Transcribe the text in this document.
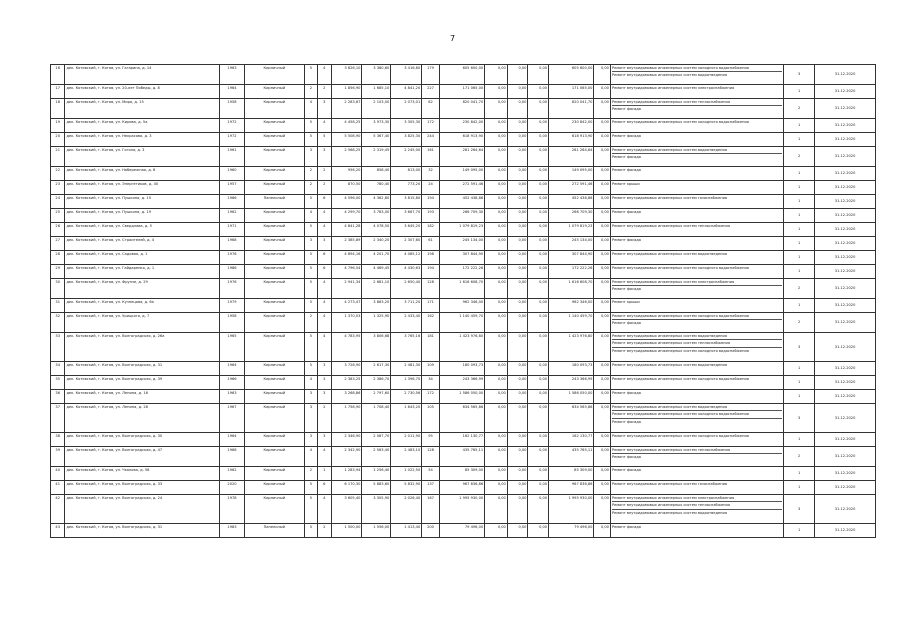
7
16	дек. Котовский, г. Котов, ул. Гагарина, д. 14	1963	Кирпичный	5	4	3 826,10	3 380,60	3 416,80	179	605 600,00	0,00	0,00	0,00	605 600,00	0,00	Ремонт внутридомовых инженерных систем холодного водоснабжения
Ремонт внутридомовых инженерных систем водоотведения	3	31.12.2020
17	дек. Котовский, г. Котов, ул. 20-лет Победы, д. 8	1964	Кирпичный	2	2	1 856,90	1 685,10	4 841,20	227	171 065,00	0,00	0,00	0,00	171 065,00	0,00	Ремонт внутридомовых инженерных систем электроснабжения	1	31.12.2020
18	дек. Котовский, г. Котов, ул. Мира, д. 15	1958	Кирпичный	4	3	2 283,67	2 103,00	2 073,01	82	820 041,70	0,00	0,00	0,00	820 041,70	0,00	Ремонт внутридомовых инженерных систем теплоснабжения
Ремонт фасада	2	31.12.2020
19	дек. Котовский, г. Котов, ул. Кирова, д. 5а	1972	Кирпичный	5	4	4 458,25	3 973,30	3 305,30	172	230 842,00	0,00	0,00	0,00	230 842,00	0,00	Ремонт внутридомовых инженерных систем холодного водоснабжения	1	31.12.2020
20	дек. Котовский, г. Котов, ул. Некрасова, д. 3	1972	Кирпичный	5	5	5 508,90	5 367,40	3 825,30	244	618 913,90	0,00	0,00	0,00	618 913,90	0,00	Ремонт фасада	1	31.12.2020
21	дек. Котовский, г. Котов, ул. Гоголя, д. 3	1961	Кирпичный	3	3	2 568,25	2 319,45	2 245,00	161	281 264,64	0,00	0,00	0,00	281 264,64	0,00	Ремонт внутридомовых инженерных систем водоотведения
Ремонт фасада	2	31.12.2020
22	дек. Котовский, г. Котов, ул. Набережная, д. 8	1960	Кирпичный	2	2	956,20	858,40	813,00	32	149 095,00	0,00	0,00	0,00	149 095,00	0,00	Ремонт фасада	1	31.12.2020
23	дек. Котовский, г. Котов, ул. Энергетиков, д. 40	1957	Кирпичный	2	2	870,50	780,40	773,20	24	272 591,46	0,00	0,00	0,00	272 591,46	0,00	Ремонт крыши	1	31.12.2020
24	дек. Котовский, г. Котов, ул. Пушкина, д. 15	1966	Панельный	5	6	4 596,00	4 362,80	3 815,80	194	452 438,86	0,00	0,00	0,00	452 438,86	0,00	Ремонт внутридомовых инженерных систем газоснабжения	1	31.12.2020
25	дек. Котовский, г. Котов, ул. Пушкина, д. 19	1962	Кирпичный	4	4	4 299,70	3 783,00	3 667,70	193	266 709,30	0,00	0,00	0,00	266 709,30	0,00	Ремонт фасада	1	31.12.2020
26	дек. Котовский, г. Котов, ул. Свердлова, д. 5	1971	Кирпичный	5	4	4 841,28	4 078,50	3 645,20	182	1 079 819,23	0,00	0,00	0,00	1 079 819,23	0,00	Ремонт внутридомовых инженерных систем теплоснабжения	1	31.12.2020
27	дек. Котовский, г. Котов, ул. Строителей, д. 4	1968	Кирпичный	3	3	2 385,89	2 340,20	2 307,60	61	245 134,00	0,00	0,00	0,00	245 134,00	0,00	Ремонт фасада	1	31.12.2020
28	дек. Котовский, г. Котов, ул. Садовая, д. 1	1976	Кирпичный	5	6	4 894,16	4 201,70	4 085,12	198	307 844,90	0,00	0,00	0,00	307 844,90	0,00	Ремонт внутридомовых инженерных систем водоотведения	1	31.12.2020
29	дек. Котовский, г. Котов, ул. Гайдаренко, д. 1	1986	Кирпичный	5	6	4 796,54	4 469,45	4 430,63	194	172 222,26	0,00	0,00	0,00	172 222,26	0,00	Ремонт внутридомовых инженерных систем холодного водоснабжения	1	31.12.2020
30	дек. Котовский, г. Котов, ул. Фрунзе, д. 29	1976	Кирпичный	5	4	2 941,34	2 681,10	2 650,40	128	1 616 608,70	0,00	0,00	0,00	1 616 608,70	0,00	Ремонт внутридомовых инженерных систем электроснабжения
Ремонт фасада	2	31.12.2020
31	дек. Котовский, г. Котов, ул. Кузнецова, д. 6а	1979	Кирпичный	5	4	4 273,47	3 863,20	3 711,20	171	962 346,00	0,00	0,00	0,00	962 346,00	0,00	Ремонт крыши	1	31.12.2020
32	дек. Котовский, г. Котов, ул. Урицкого, д. 7	1958	Кирпичный	2	4	1 370,03	1 325,90	2 433,40	162	1 140 459,70	0,00	0,00	0,00	1 140 459,70	0,00	Ремонт внутридомовых инженерных систем холодного водоснабжения
Ремонт фасада	2	31.12.2020
33	дек. Котовский, г. Котов, ул. Волгоградская, д. 26а	1965	Кирпичный	5	4	4 783,95	3 806,68	3 765,16	181	1 423 976,80	0,00	0,00	0,00	1 423 976,80	0,00	Ремонт внутридомовых инженерных систем водоотведения
Ремонт внутридомовых инженерных систем теплоснабжения
Ремонт внутридомовых инженерных систем холодного водоснабжения	3	31.12.2020
34	дек. Котовский, г. Котов, ул. Волгоградская, д. 31	1964	Кирпичный	5	3	3 726,90	2 617,30	2 481,30	109	180 093,73	0,00	0,00	0,00	180 093,73	0,00	Ремонт внутридомовых инженерных систем водоотведения	1	31.12.2020
35	дек. Котовский, г. Котов, ул. Волгоградская, д. 39	1966	Кирпичный	4	3	2 383,25	2 386,70	1 396,70	34	243 366,99	0,00	0,00	0,00	243 366,99	0,00	Ремонт внутридомовых инженерных систем холодного водоснабжения	1	31.12.2020
36	дек. Котовский, г. Котов, ул. Ленина, д. 16	1963	Кирпичный	3	3	3 268,86	2 797,60	2 730,56	172	1 586 050,00	0,00	0,00	0,00	1 586 050,00	0,00	Ремонт фасада	1	31.12.2020
37	дек. Котовский, г. Котов, ул. Ленина, д. 28	1967	Кирпичный	3	2	1 758,90	1 708,40	1 643,20	105	634 565,86	0,00	0,00	0,00	634 565,86	0,00	Ремонт внутридомовых инженерных систем водоотведения
Ремонт внутридомовых инженерных систем холодного водоснабжения
Ремонт фасада	3	31.12.2020
38	дек. Котовский, г. Котов, ул. Волгоградская, д. 30	1964	Кирпичный	3	3	2 346,90	2 087,70	2 011,90	95	162 130,77	0,00	0,00	0,00	162 130,77	0,00	Ремонт внутридомовых инженерных систем холодного водоснабжения	1	31.12.2020
39	дек. Котовский, г. Котов, ул. Волгоградская, д. 47	1968	Кирпичный	4	4	2 342,90	2 563,40	2 483,10	128	435 765,11	0,00	0,00	0,00	435 765,11	0,00	Ремонт внутридомовых инженерных систем теплоснабжения
Ремонт фасада	2	31.12.2020
40	дек. Котовский, г. Котов, ул. Чкалова, д. 58	1962	Кирпичный	2	1	1 283,94	1 256,40	1 022,50	54	85 309,00	0,00	0,00	0,00	85 309,00	0,00	Ремонт фасада	1	31.12.2020
41	дек. Котовский, г. Котов, ул. Волгоградская, д. 33	2020	Кирпичный	5	6	6 170,30	5 883,60	5 832,90	137	967 836,86	0,00	0,00	0,00	967 836,86	0,00	Ремонт внутридомовых инженерных систем газоснабжения	1	31.12.2020
42	дек. Котовский, г. Котов, ул. Волгоградская, д. 24	1978	Кирпичный	5	4	3 605,40	3 305,90	2 026,40	167	1 995 930,00	0,00	0,00	0,00	1 995 930,00	0,00	Ремонт внутридомовых инженерных систем электроснабжения
Ремонт внутридомовых инженерных систем теплоснабжения
Ремонт внутридомовых инженерных систем водоотведения	3	31.12.2020
43	дек. Котовский, г. Котов, ул. Волгоградская, д. 31	1983	Панельный	5	2	1 500,00	1 556,00	1 413,40	200	79 496,00	0,00	0,00	0,00	79 496,00	0,00	Ремонт фасада	1	31.12.2020
